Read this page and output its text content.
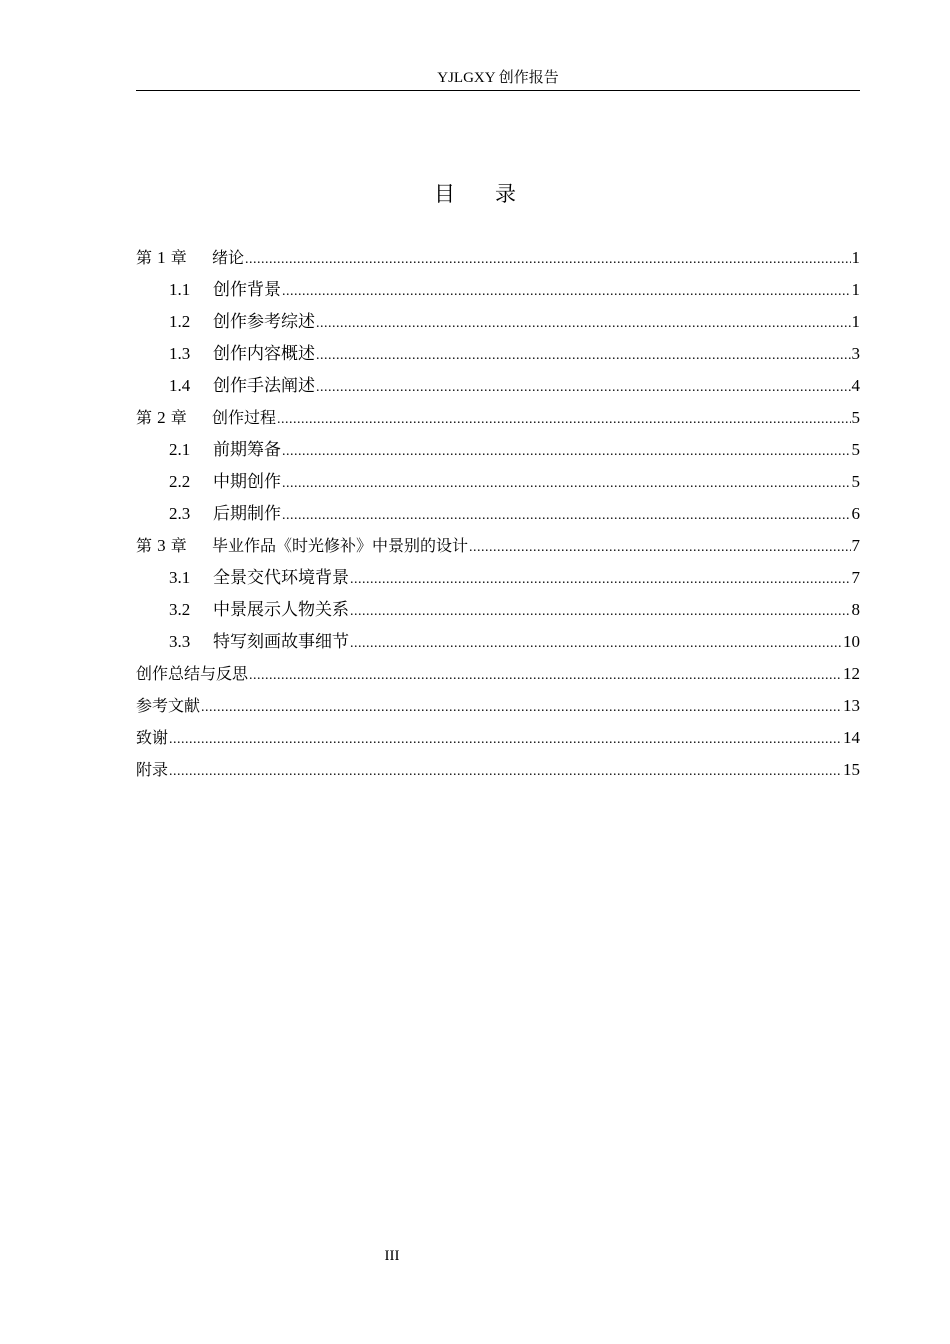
YJLGXY 创作报告
目录
第 1 章	绪论 .....	1
1.1	创作背景 .....	1
1.2	创作参考综述 .....	1
1.3	创作内容概述 .....	3
1.4	创作手法阐述 .....	4
第 2 章	创作过程 .....	5
2.1	前期筹备 .....	5
2.2	中期创作 .....	5
2.3	后期制作 .....	6
第 3 章	毕业作品《时光修补》中景别的设计 .....	7
3.1	全景交代环境背景 .....	7
3.2	中景展示人物关系 .....	8
3.3	特写刻画故事细节 .....	10
创作总结与反思 .....	12
参考文献 .....	13
致谢 .....	14
附录 .....	15
III
